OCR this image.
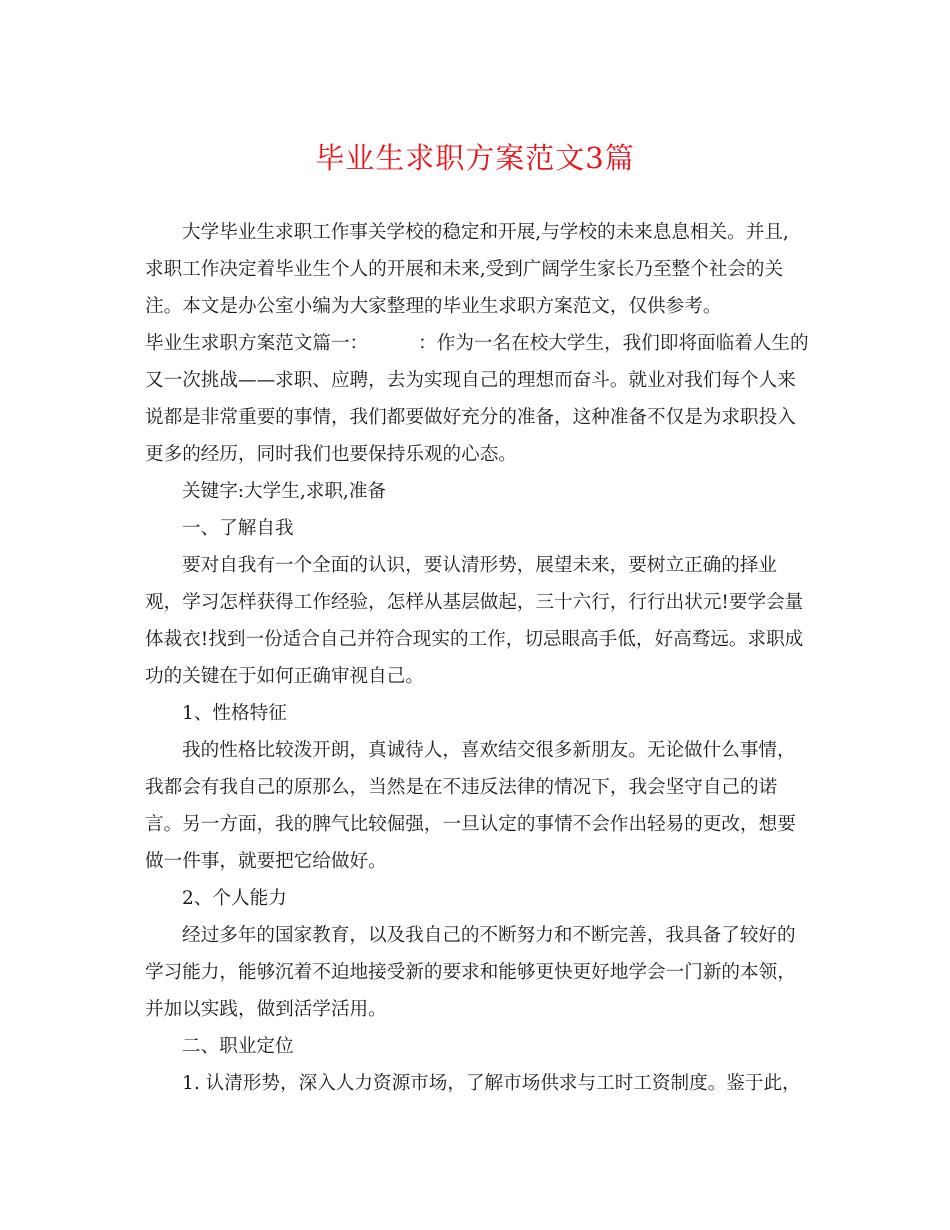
毕业生求职方案范文3篇
大学毕业生求职工作事关学校的稳定和开展,与学校的未来息息相关。并且,
求职工作决定着毕业生个人的开展和未来,受到广阔学生家长乃至整个社会的关
注。本文是办公室小编为大家整理的毕业生求职方案范文，仅供参考。
毕业生求职方案范文篇一：	：作为一名在校大学生，我们即将面临着人生的
又一次挑战——求职、应聘，去为实现自己的理想而奋斗。就业对我们每个人来
说都是非常重要的事情，我们都要做好充分的准备，这种准备不仅是为求职投入
更多的经历，同时我们也要保持乐观的心态。
关键字:大学生,求职,准备
一、了解自我
要对自我有一个全面的认识，要认清形势，展望未来，要树立正确的择业
观，学习怎样获得工作经验，怎样从基层做起，三十六行，行行出状元!要学会量
体裁衣!找到一份适合自己并符合现实的工作，切忌眼高手低，好高骛远。求职成
功的关键在于如何正确审视自己。
1、性格特征
我的性格比较泼开朗，真诚待人，喜欢结交很多新朋友。无论做什么事情，
我都会有我自己的原那么，当然是在不违反法律的情况下，我会坚守自己的诺
言。另一方面，我的脾气比较倔强，一旦认定的事情不会作出轻易的更改，想要
做一件事，就要把它给做好。
2、个人能力
经过多年的国家教育，以及我自己的不断努力和不断完善，我具备了较好的
学习能力，能够沉着不迫地接受新的要求和能够更快更好地学会一门新的本领，
并加以实践，做到活学活用。
二、职业定位
1. 认清形势，深入人力资源市场，了解市场供求与工时工资制度。鉴于此，
